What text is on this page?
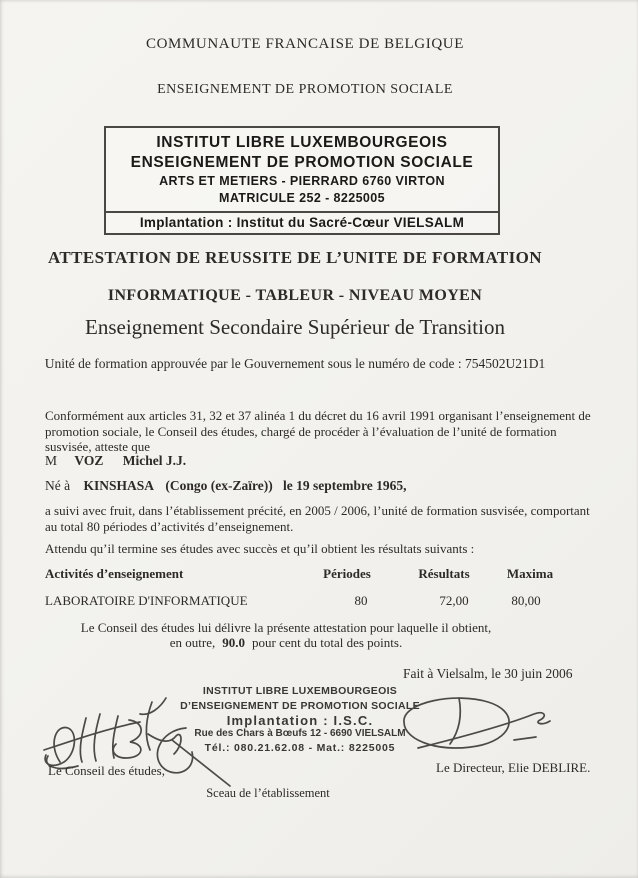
COMMUNAUTE FRANCAISE DE BELGIQUE
ENSEIGNEMENT DE PROMOTION SOCIALE
INSTITUT LIBRE LUXEMBOURGEOIS
ENSEIGNEMENT DE PROMOTION SOCIALE
ARTS ET METIERS - PIERRARD 6760 VIRTON
MATRICULE 252 - 8225005
Implantation : Institut du Sacré-Cœur VIELSALM
ATTESTATION DE REUSSITE DE L’UNITE DE FORMATION
INFORMATIQUE - TABLEUR - NIVEAU MOYEN
Enseignement Secondaire Supérieur de Transition
Unité de formation approuvée par le Gouvernement sous le numéro de code : 754502U21D1
Conformément aux articles 31, 32 et 37 alinéa 1 du décret du 16 avril 1991 organisant l’enseignement de promotion sociale, le Conseil des études, chargé de procéder à l’évaluation de l’unité de formation susvisée, atteste que
M VOZ Michel J.J.
Né à KINSHASA (Congo (ex-Zaïre)) le 19 septembre 1965,
a suivi avec fruit, dans l’établissement précité, en 2005 / 2006, l’unité de formation susvisée, comportant au total 80 périodes d’activités d’enseignement.
Attendu qu’il termine ses études avec succès et qu’il obtient les résultats suivants :
Activités d’enseignement	Périodes	Résultats	Maxima
LABORATOIRE D'INFORMATIQUE	80	72,00	80,00
Le Conseil des études lui délivre la présente attestation pour laquelle il obtient,
en outre, 90.0 pour cent du total des points.
Fait à Vielsalm, le 30 juin 2006
INSTITUT LIBRE LUXEMBOURGEOIS
D’ENSEIGNEMENT DE PROMOTION SOCIALE
Implantation : I.S.C.
Rue des Chars à Bœufs 12 - 6690 VIELSALM
Tél.: 080.21.62.08 - Mat.: 8225005
Le Conseil des études,	Le Directeur, Elie DEBLIRE.
Sceau de l’établissement
